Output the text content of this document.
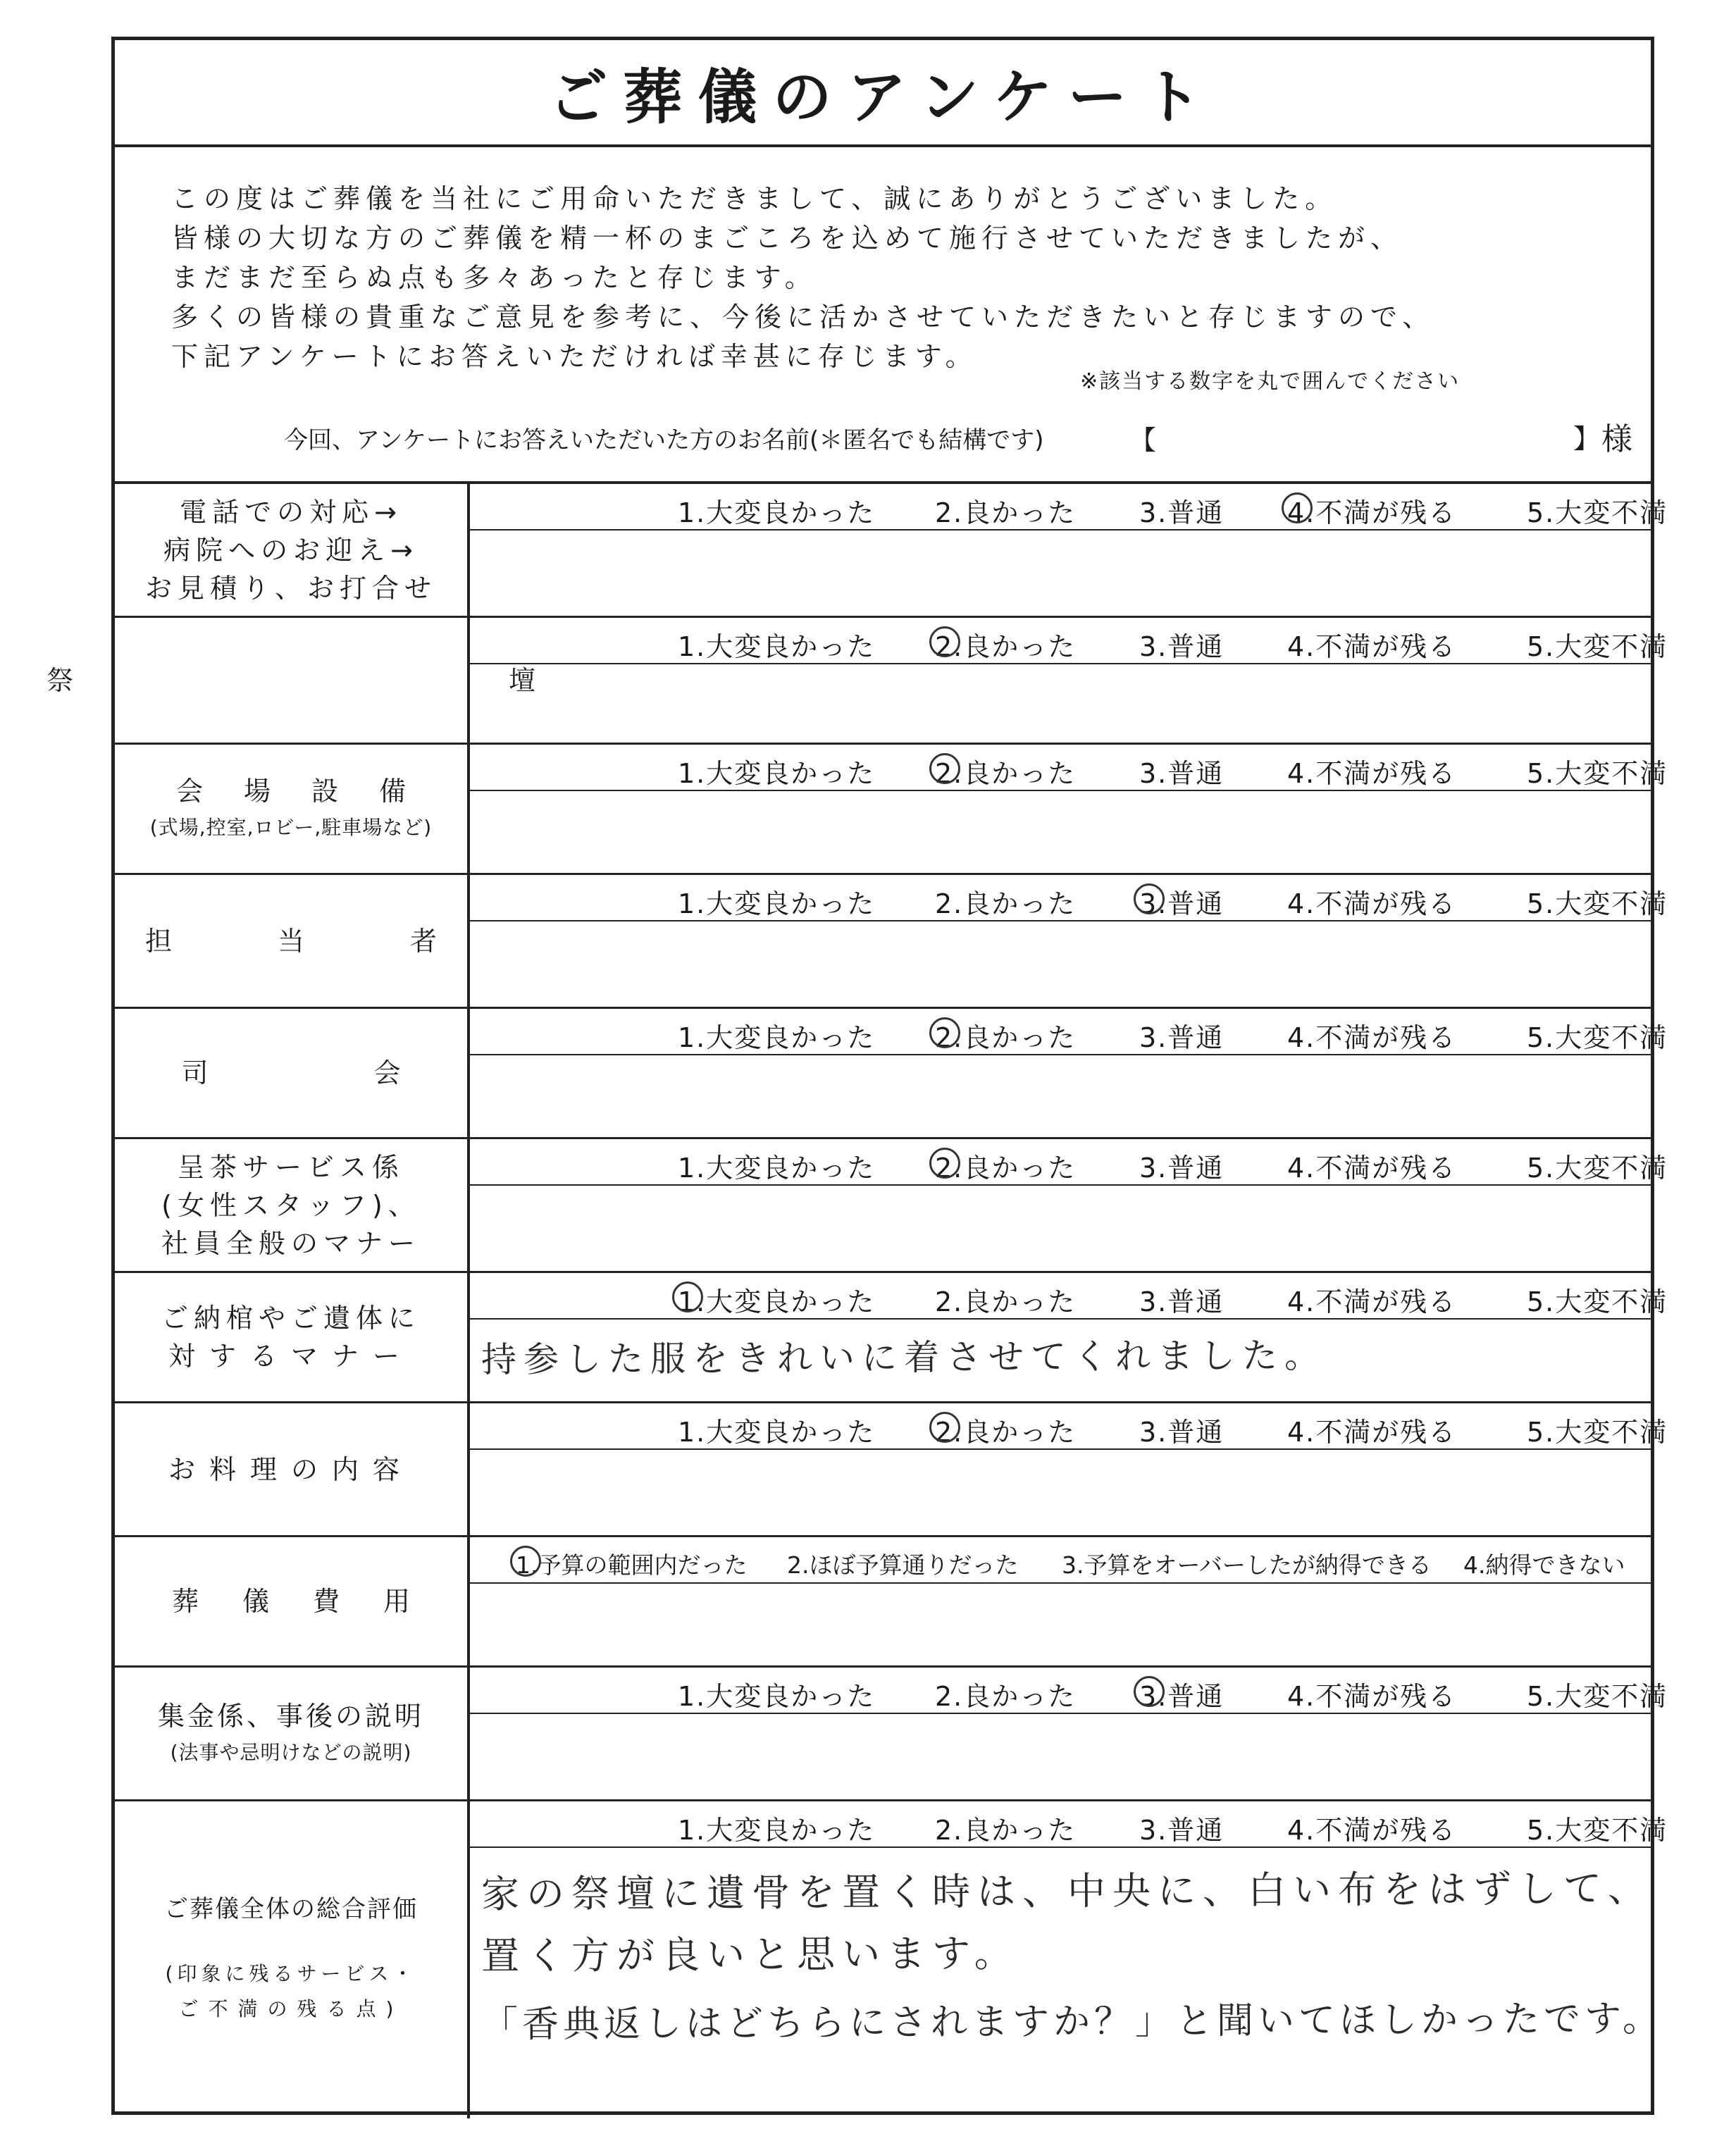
ご葬儀のアンケート
この度はご葬儀を当社にご用命いただきまして、誠にありがとうございました。
皆様の大切な方のご葬儀を精一杯のまごころを込めて施行させていただきましたが、
まだまだ至らぬ点も多々あったと存じます。
多くの皆様の貴重なご意見を参考に、今後に活かさせていただきたいと存じますので、
下記アンケートにお答えいただければ幸甚に存じます。
※該当する数字を丸で囲んでください
今回、アンケートにお答えいただいた方のお名前(＊匿名でも結構です)	【	】 様
電話での対応→
病院へのお迎え→
お見積り、お打合せ
1.大変良かった 2.良かった 3.普通 4.不満が残る	5.大変不満
祭　壇
1.大変良かった 2.良かった 3.普通 4.不満が残る	5.大変不満
会場設備
(式場,控室,ロビー,駐車場など)
1.大変良かった 2.良かった 3.普通 4.不満が残る	5.大変不満
担当者
1.大変良かった 2.良かった 3.普通 4.不満が残る	5.大変不満
司会
1.大変良かった 2.良かった 3.普通 4.不満が残る	5.大変不満
呈茶サービス係
(女性スタッフ)、
社員全般のマナー
1.大変良かった 2.良かった 3.普通 4.不満が残る	5.大変不満
ご納棺やご遺体に
対するマナー
1.大変良かった 2.良かった 3.普通 4.不満が残る	5.大変不満
持参した服をきれいに着させてくれました。
お料理の内容
1.大変良かった 2.良かった 3.普通 4.不満が残る	5.大変不満
葬儀費用
1.予算の範囲内だった 2.ほぼ予算通りだった 3.予算をオーバーしたが納得できる 4.納得できない
集金係、事後の説明
(法事や忌明けなどの説明)
1.大変良かった 2.良かった 3.普通 4.不満が残る	5.大変不満
ご葬儀全体の総合評価
(印象に残るサービス・
ご不満の残る点)
1.大変良かった 2.良かった 3.普通 4.不満が残る	5.大変不満
家の祭壇に遺骨を置く時は、中央に、白い布をはずして、
置く方が良いと思います。
「香典返しはどちらにされますか？」と聞いてほしかったです。
